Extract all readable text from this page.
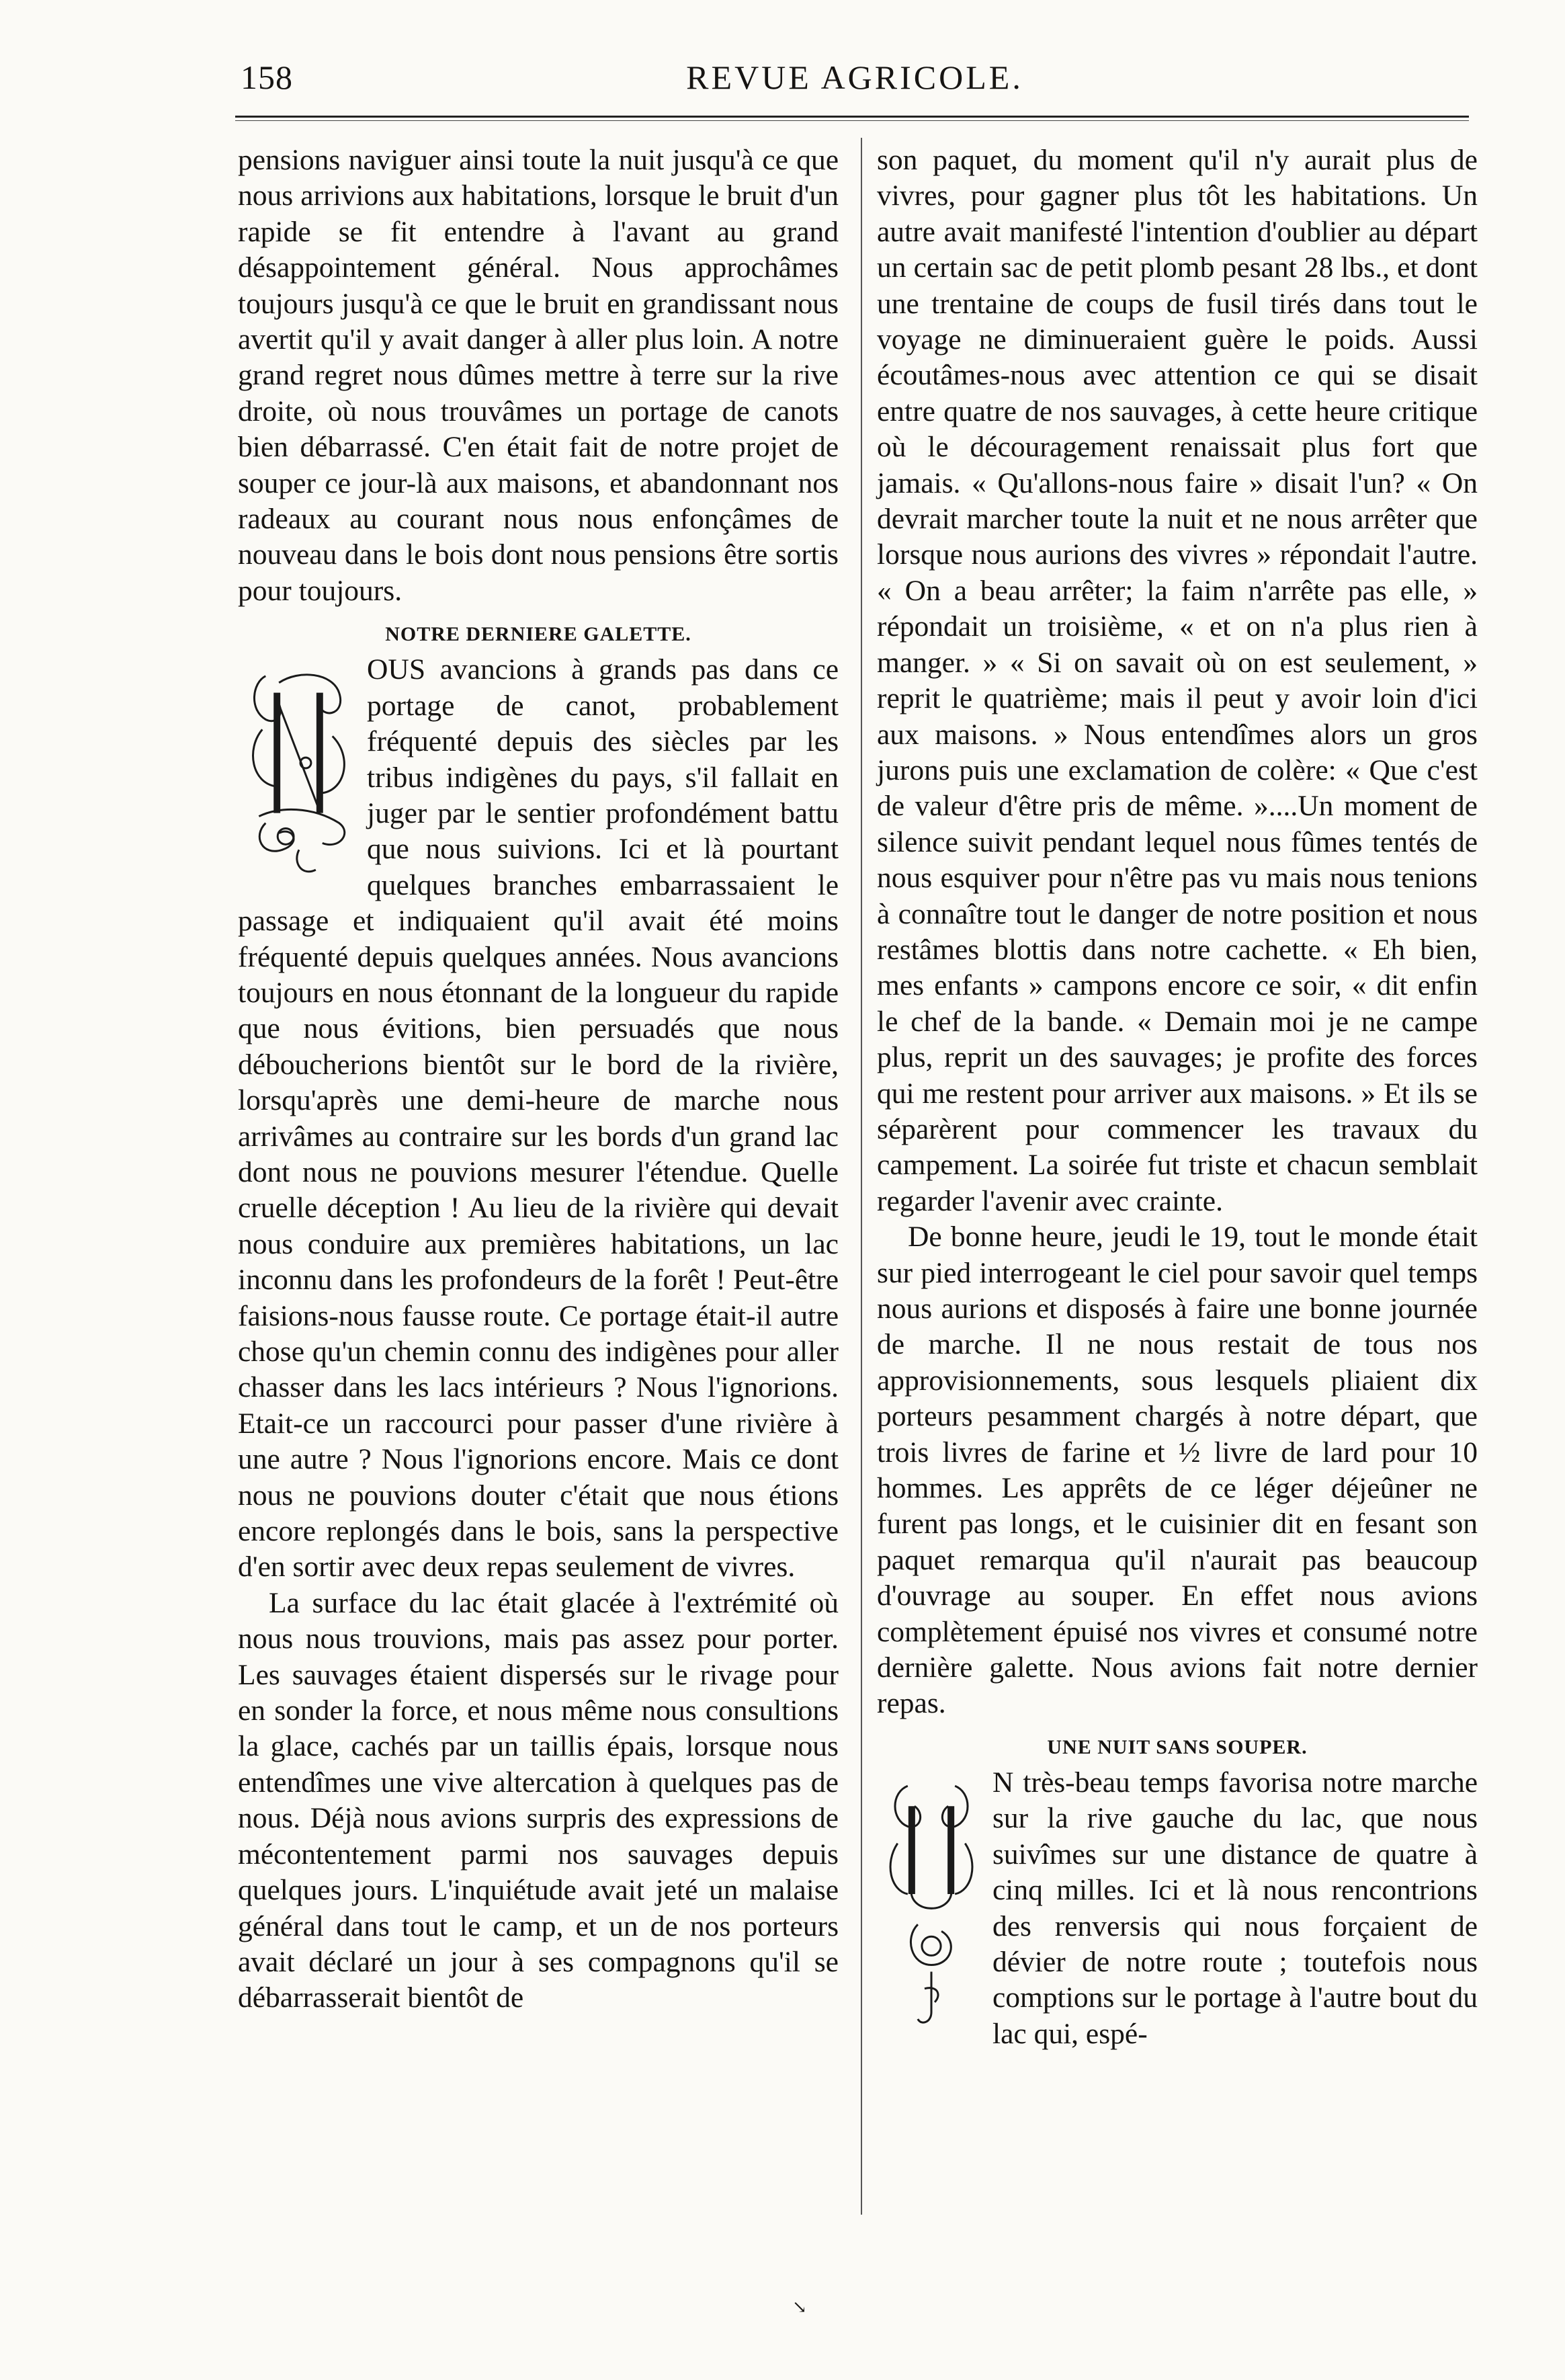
158	REVUE AGRICOLE.

pensions naviguer ainsi toute la nuit jusqu'à ce que nous arrivions aux habitations, lorsque le bruit d'un rapide se fit entendre à l'avant au grand désappointement général. Nous approchâmes toujours jusqu'à ce que le bruit en grandissant nous avertit qu'il y avait danger à aller plus loin. A notre grand regret nous dûmes mettre à terre sur la rive droite, où nous trouvâmes un portage de canots bien débarrassé. C'en était fait de notre projet de souper ce jour-là aux maisons, et abandonnant nos radeaux au courant nous nous enfonçâmes de nouveau dans le bois dont nous pensions être sortis pour toujours.

NOTRE DERNIERE GALETTE.

OUS avancions à grands pas dans ce portage de canot, probablement fréquenté depuis des siècles par les tribus indigènes du pays, s'il fallait en juger par le sentier profondément battu que nous suivions. Ici et là pourtant quelques branches embarrassaient le passage et indiquaient qu'il avait été moins fréquenté depuis quelques années. Nous avancions toujours en nous étonnant de la longueur du rapide que nous évitions, bien persuadés que nous déboucherions bientôt sur le bord de la rivière, lorsqu'après une demi-heure de marche nous arrivâmes au contraire sur les bords d'un grand lac dont nous ne pouvions mesurer l'étendue. Quelle cruelle déception ! Au lieu de la rivière qui devait nous conduire aux premières habitations, un lac inconnu dans les profondeurs de la forêt ! Peut-être faisions-nous fausse route. Ce portage était-il autre chose qu'un chemin connu des indigènes pour aller chasser dans les lacs intérieurs ? Nous l'ignorions. Etait-ce un raccourci pour passer d'une rivière à une autre ? Nous l'ignorions encore. Mais ce dont nous ne pouvions douter c'était que nous étions encore replongés dans le bois, sans la perspective d'en sortir avec deux repas seulement de vivres.

La surface du lac était glacée à l'extrémité où nous nous trouvions, mais pas assez pour porter. Les sauvages étaient dispersés sur le rivage pour en sonder la force, et nous même nous consultions la glace, cachés par un taillis épais, lorsque nous entendîmes une vive altercation à quelques pas de nous. Déjà nous avions surpris des expressions de mécontentement parmi nos sauvages depuis quelques jours. L'inquiétude avait jeté un malaise général dans tout le camp, et un de nos porteurs avait déclaré un jour à ses compagnons qu'il se débarrasserait bientôt de

son paquet, du moment qu'il n'y aurait plus de vivres, pour gagner plus tôt les habitations. Un autre avait manifesté l'intention d'oublier au départ un certain sac de petit plomb pesant 28 lbs., et dont une trentaine de coups de fusil tirés dans tout le voyage ne diminueraient guère le poids. Aussi écoutâmes-nous avec attention ce qui se disait entre quatre de nos sauvages, à cette heure critique où le découragement renaissait plus fort que jamais. « Qu'allons-nous faire » disait l'un? « On devrait marcher toute la nuit et ne nous arrêter que lorsque nous aurions des vivres » répondait l'autre. « On a beau arrêter; la faim n'arrête pas elle, » répondait un troisième, « et on n'a plus rien à manger. » « Si on savait où on est seulement, » reprit le quatrième; mais il peut y avoir loin d'ici aux maisons. » Nous entendîmes alors un gros jurons puis une exclamation de colère: « Que c'est de valeur d'être pris de même. »....Un moment de silence suivit pendant lequel nous fûmes tentés de nous esquiver pour n'être pas vu mais nous tenions à connaître tout le danger de notre position et nous restâmes blottis dans notre cachette. « Eh bien, mes enfants » campons encore ce soir, « dit enfin le chef de la bande. « Demain moi je ne campe plus, reprit un des sauvages; je profite des forces qui me restent pour arriver aux maisons. » Et ils se séparèrent pour commencer les travaux du campement. La soirée fut triste et chacun semblait regarder l'avenir avec crainte.

De bonne heure, jeudi le 19, tout le monde était sur pied interrogeant le ciel pour savoir quel temps nous aurions et disposés à faire une bonne journée de marche. Il ne nous restait de tous nos approvisionnements, sous lesquels pliaient dix porteurs pesamment chargés à notre départ, que trois livres de farine et ½ livre de lard pour 10 hommes. Les apprêts de ce léger déjeûner ne furent pas longs, et le cuisinier dit en fesant son paquet remarqua qu'il n'aurait pas beaucoup d'ouvrage au souper. En effet nous avions complètement épuisé nos vivres et consumé notre dernière galette. Nous avions fait notre dernier repas.

UNE NUIT SANS SOUPER.

N très-beau temps favorisa notre marche sur la rive gauche du lac, que nous suivîmes sur une distance de quatre à cinq milles. Ici et là nous rencontrions des renversis qui nous forçaient de dévier de notre route ; toutefois nous comptions sur le portage à l'autre bout du lac qui, espé-

↘
